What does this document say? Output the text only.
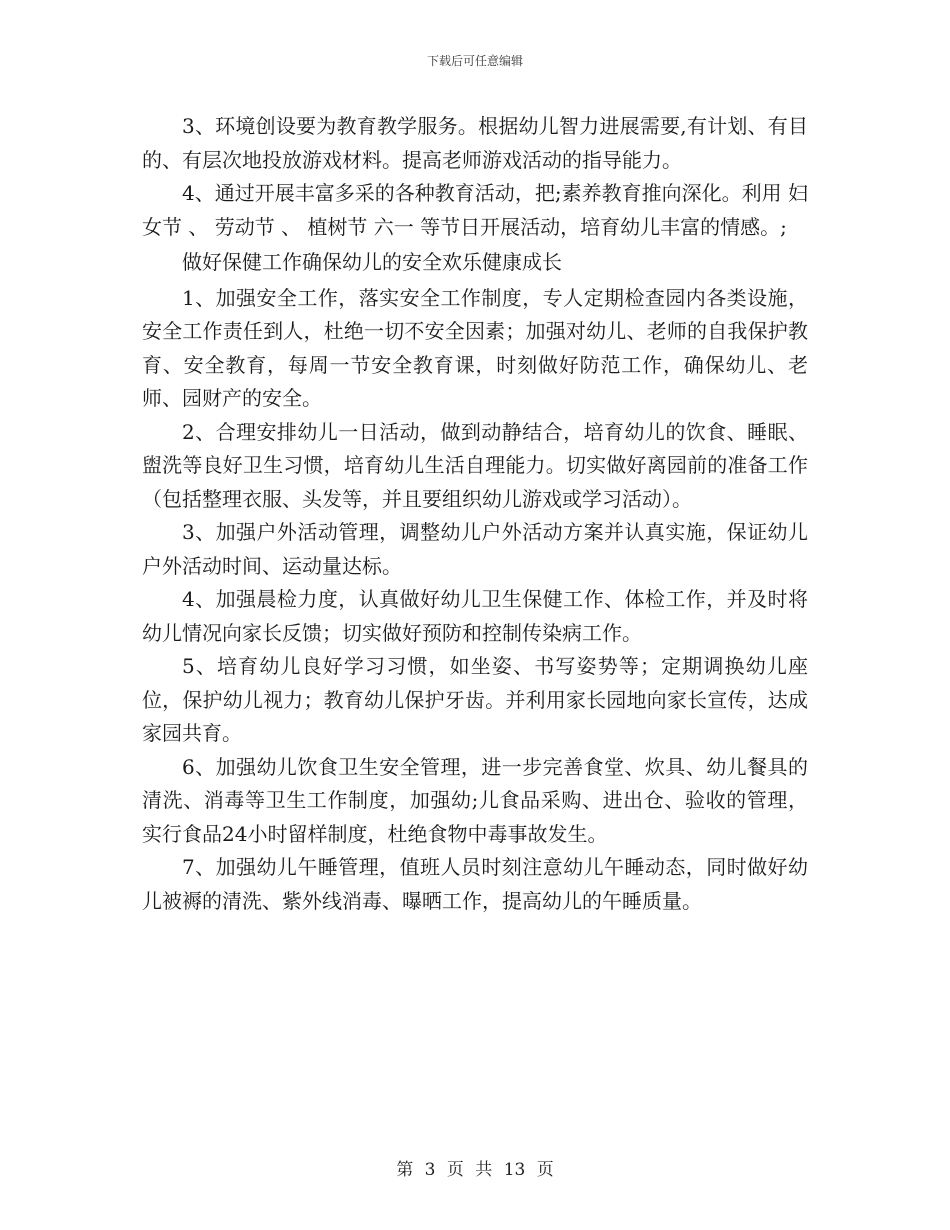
下载后可任意编辑

3、环境创设要为教育教学服务。根据幼儿智力进展需要,有计划、有目的、有层次地投放游戏材料。提高老师游戏活动的指导能力。

4、通过开展丰富多采的各种教育活动，把;素养教育推向深化。利用 妇女节 、 劳动节 、 植树节 六一 等节日开展活动，培育幼儿丰富的情感。;

做好保健工作确保幼儿的安全欢乐健康成长

1、加强安全工作，落实安全工作制度，专人定期检查园内各类设施，安全工作责任到人，杜绝一切不安全因素；加强对幼儿、老师的自我保护教育、安全教育，每周一节安全教育课，时刻做好防范工作，确保幼儿、老师、园财产的安全。

2、合理安排幼儿一日活动，做到动静结合，培育幼儿的饮食、睡眠、盥洗等良好卫生习惯，培育幼儿生活自理能力。切实做好离园前的准备工作（包括整理衣服、头发等，并且要组织幼儿游戏或学习活动）。

3、加强户外活动管理，调整幼儿户外活动方案并认真实施，保证幼儿户外活动时间、运动量达标。

4、加强晨检力度，认真做好幼儿卫生保健工作、体检工作，并及时将幼儿情况向家长反馈；切实做好预防和控制传染病工作。

5、培育幼儿良好学习习惯，如坐姿、书写姿势等；定期调换幼儿座位，保护幼儿视力；教育幼儿保护牙齿。并利用家长园地向家长宣传，达成家园共育。

6、加强幼儿饮食卫生安全管理，进一步完善食堂、炊具、幼儿餐具的清洗、消毒等卫生工作制度，加强幼;儿食品采购、进出仓、验收的管理，实行食品24小时留样制度，杜绝食物中毒事故发生。

7、加强幼儿午睡管理，值班人员时刻注意幼儿午睡动态，同时做好幼儿被褥的清洗、紫外线消毒、曝晒工作，提高幼儿的午睡质量。

第 3 页 共 13 页
